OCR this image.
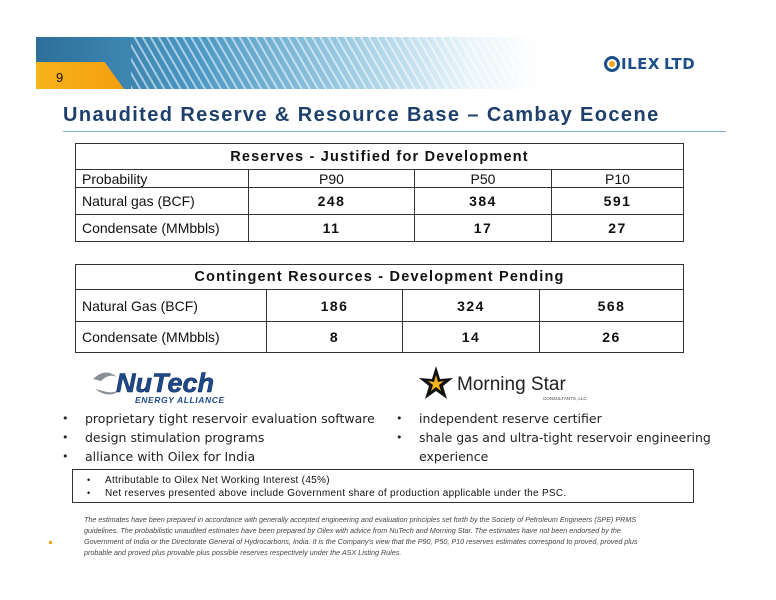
9
ILEX LTD
Unaudited Reserve & Resource Base – Cambay Eocene
Reserves - Justified for Development			
Probability	P90	P50	P10
Natural gas (BCF)	248	384	591
Condensate (MMbbls)	11	17	27
Contingent Resources - Development Pending			
Natural Gas (BCF)	186	324	568
Condensate (MMbbls)	8	14	26
NuTech
ENERGY ALLIANCE
Morning Star
CONSULTANTS, LLC
• proprietary tight reservoir evaluation software
• design stimulation programs
• alliance with Oilex for India
• independent reserve certifier
• shale gas and ultra-tight reservoir engineering
experience
• Attributable to Oilex Net Working Interest (45%)
• Net reserves presented above include Government share of production applicable under the PSC.
The estimates have been prepared in accordance with generally accepted engineering and evaluation principles set forth by the Society of Petroleum Engineers (SPE) PRMS guidelines. The probabilistic unaudited estimates have been prepared by Oilex with advice from NuTech and Morning Star. The estimates have not been endorsed by the Government of India or the Directorate General of Hydrocarbons, India. It is the Company's view that the P90, P50, P10 reserves estimates correspond to proved, proved plus probable and proved plus provable plus possible reserves respectively under the ASX Listing Rules.
